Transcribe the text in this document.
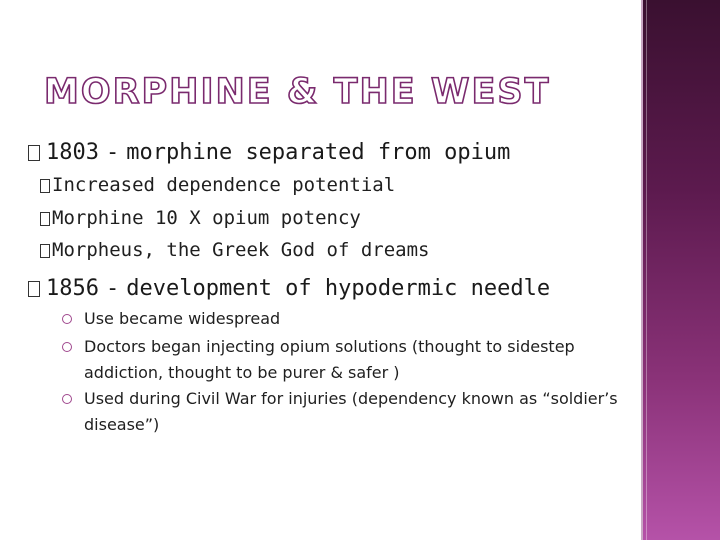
MORPHINE & THE WEST
1803 - morphine separated from opium
Increased dependence potential
Morphine 10 X opium potency
Morpheus, the Greek God of dreams
1856 - development of hypodermic needle
Use became widespread
Doctors began injecting opium solutions (thought to sidestep addiction, thought to be purer & safer )
Used during Civil War for injuries (dependency known as “soldier’s disease”)
